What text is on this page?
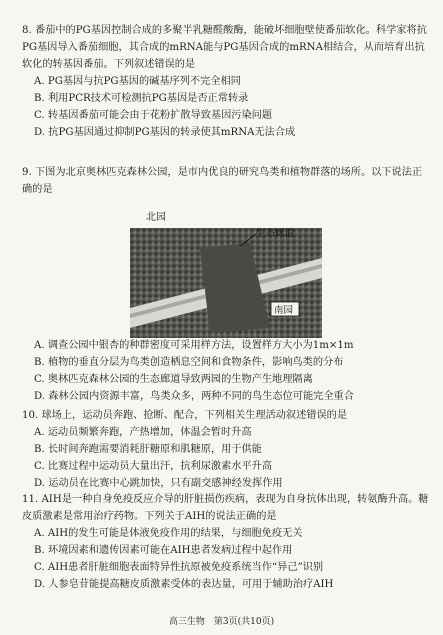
8. 番茄中的PG基因控制合成的多聚半乳糖醛酸酶，能破坏细胞壁使番茄软化。科学家将抗PG基因导入番茄细胞，其合成的mRNA能与PG基因合成的mRNA相结合，从而培育出抗软化的转基因番茄。下列叙述错误的是
A. PG基因与抗PG基因的碱基序列不完全相同
B. 利用PCR技术可检测抗PG基因是否正常转录
C. 转基因番茄可能会由于花粉扩散导致基因污染问题
D. 抗PG基因通过抑制PG基因的转录使其mRNA无法合成
9. 下图为北京奥林匹克森林公园，是市内优良的研究鸟类和植物群落的场所。以下说法正确的是
北园
生态廊道
南园
A. 调查公园中银杏的种群密度可采用样方法，设置样方大小为1m×1m
B. 植物的垂直分层为鸟类创造栖息空间和食物条件，影响鸟类的分布
C. 奥林匹克森林公园的生态廊道导致两园的生物产生地理隔离
D. 森林公园内资源丰富，鸟类众多，两种不同的鸟生态位可能完全重合
10. 球场上，运动员奔跑、抢断、配合，下列相关生理活动叙述错误的是
A. 运动员频繁奔跑，产热增加，体温会暂时升高
B. 长时间奔跑需要消耗肝糖原和肌糖原，用于供能
C. 比赛过程中运动员大量出汗，抗利尿激素水平升高
D. 运动员在比赛中心跳加快，只有副交感神经发挥作用
11. AIH是一种自身免疫反应介导的肝脏损伤疾病，表现为自身抗体出现，转氨酶升高。糖皮质激素是常用治疗药物。下列关于AIH的说法正确的是
A. AIH的发生可能是体液免疫作用的结果，与细胞免疫无关
B. 环境因素和遗传因素可能在AIH患者发病过程中起作用
C. AIH患者肝脏细胞表面特异性抗原被免疫系统当作“异己”识别
D. 人参皂苷能提高糖皮质激素受体的表达量，可用于辅助治疗AIH
高三生物　第3页(共10页)
